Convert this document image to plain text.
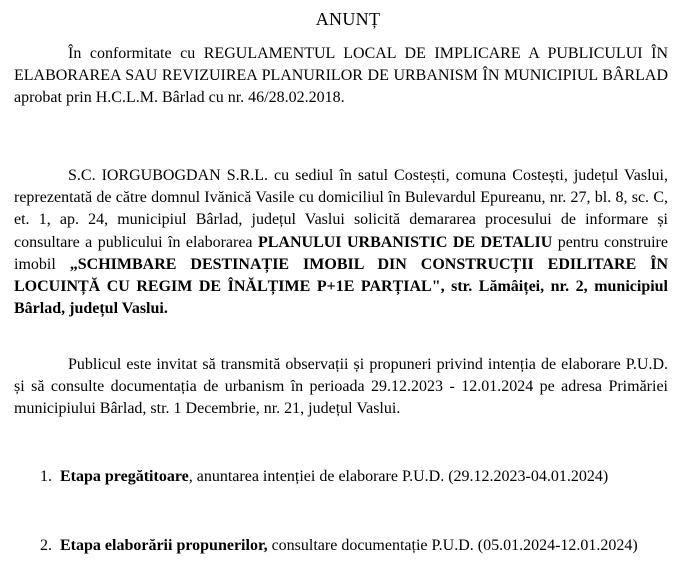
ANUNȚ

În conformitate cu REGULAMENTUL LOCAL DE IMPLICARE A PUBLICULUI ÎN ELABORAREA SAU REVIZUIREA PLANURILOR DE URBANISM ÎN MUNICIPIUL BÂRLAD aprobat prin H.C.L.M. Bârlad cu nr. 46/28.02.2018.

S.C. IORGUBOGDAN S.R.L. cu sediul în satul Costești, comuna Costești, județul Vaslui, reprezentată de către domnul Ivănică Vasile cu domiciliul în Bulevardul Epureanu, nr. 27, bl. 8, sc. C, et. 1, ap. 24, municipiul Bârlad, județul Vaslui solicită demararea procesului de informare și consultare a publicului în elaborarea PLANULUI URBANISTIC DE DETALIU pentru construire imobil „SCHIMBARE DESTINAȚIE IMOBIL DIN CONSTRUCȚII EDILITARE ÎN LOCUINȚĂ CU REGIM DE ÎNĂLȚIME P+1E PARȚIAL", str. Lămâiței, nr. 2, municipiul Bârlad, județul Vaslui.

Publicul este invitat să transmită observații și propuneri privind intenția de elaborare P.U.D. și să consulte documentația de urbanism în perioada 29.12.2023 - 12.01.2024 pe adresa Primăriei municipiului Bârlad, str. 1 Decembrie, nr. 21, județul Vaslui.

1. Etapa pregătitoare, anuntarea intenției de elaborare P.U.D. (29.12.2023-04.01.2024)
2. Etapa elaborării propunerilor, consultare documentație P.U.D. (05.01.2024-12.01.2024)
